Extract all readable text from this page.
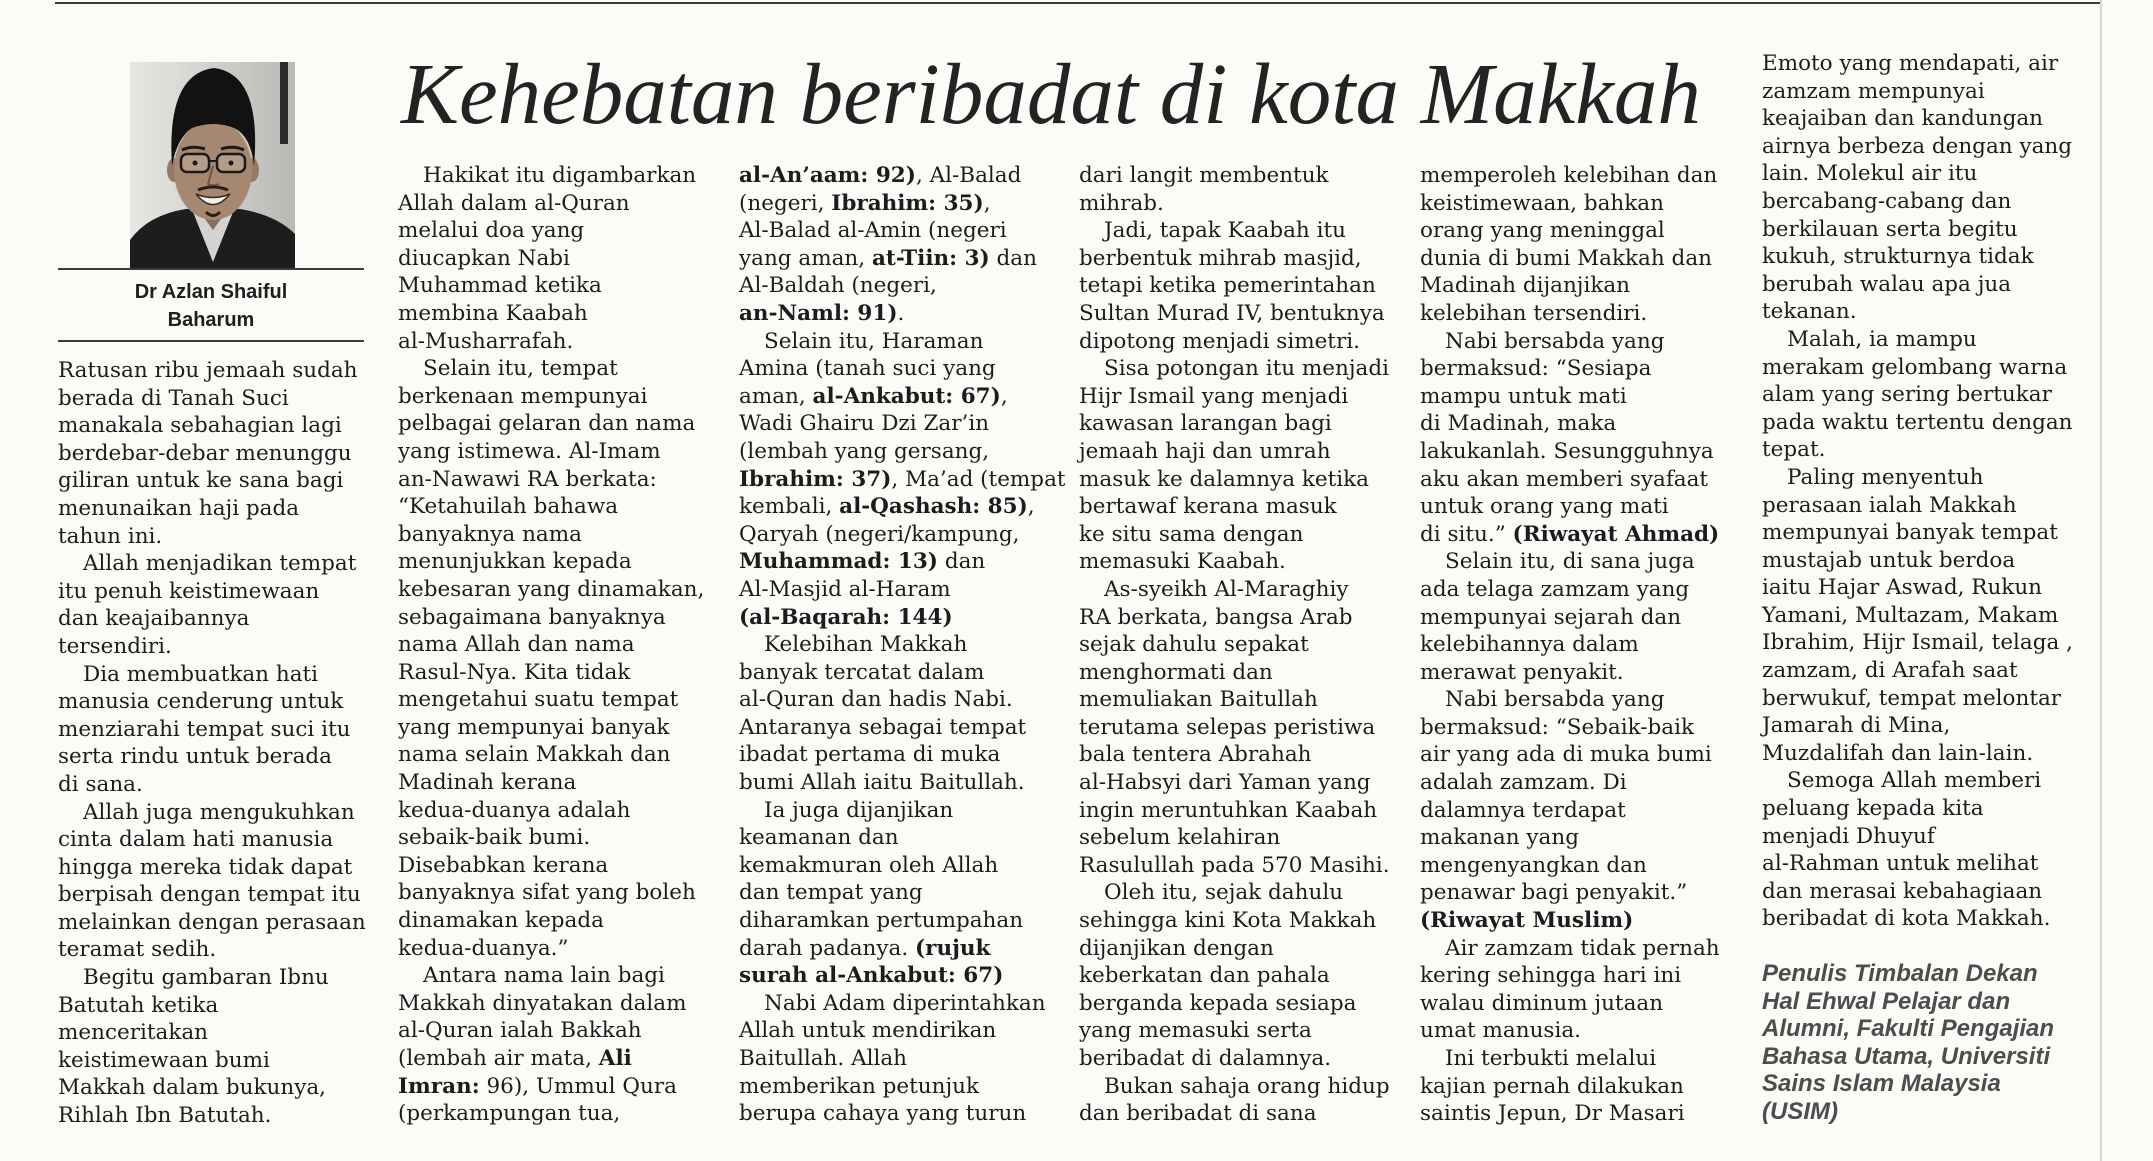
Dr Azlan Shaiful
Baharum
Kehebatan beribadat di kota Makkah
Ratusan ribu jemaah sudah
berada di Tanah Suci
manakala sebahagian lagi
berdebar-debar menunggu
giliran untuk ke sana bagi
menunaikan haji pada
tahun ini.
Allah menjadikan tempat
itu penuh keistimewaan
dan keajaibannya
tersendiri.
Dia membuatkan hati
manusia cenderung untuk
menziarahi tempat suci itu
serta rindu untuk berada
di sana.
Allah juga mengukuhkan
cinta dalam hati manusia
hingga mereka tidak dapat
berpisah dengan tempat itu
melainkan dengan perasaan
teramat sedih.
Begitu gambaran Ibnu
Batutah ketika
menceritakan
keistimewaan bumi
Makkah dalam bukunya,
Rihlah Ibn Batutah.
Hakikat itu digambarkan
Allah dalam al-Quran
melalui doa yang
diucapkan Nabi
Muhammad ketika
membina Kaabah
al-Musharrafah.
Selain itu, tempat
berkenaan mempunyai
pelbagai gelaran dan nama
yang istimewa. Al-Imam
an-Nawawi RA berkata:
“Ketahuilah bahawa
banyaknya nama
menunjukkan kepada
kebesaran yang dinamakan,
sebagaimana banyaknya
nama Allah dan nama
Rasul-Nya. Kita tidak
mengetahui suatu tempat
yang mempunyai banyak
nama selain Makkah dan
Madinah kerana
kedua-duanya adalah
sebaik-baik bumi.
Disebabkan kerana
banyaknya sifat yang boleh
dinamakan kepada
kedua-duanya.”
Antara nama lain bagi
Makkah dinyatakan dalam
al-Quran ialah Bakkah
(lembah air mata, Ali
Imran: 96), Ummul Qura
(perkampungan tua,
al-An’aam: 92), Al-Balad
(negeri, Ibrahim: 35),
Al-Balad al-Amin (negeri
yang aman, at-Tiin: 3) dan
Al-Baldah (negeri,
an-Naml: 91).
Selain itu, Haraman
Amina (tanah suci yang
aman, al-Ankabut: 67),
Wadi Ghairu Dzi Zar’in
(lembah yang gersang,
Ibrahim: 37), Ma’ad (tempat
kembali, al-Qashash: 85),
Qaryah (negeri/kampung,
Muhammad: 13) dan
Al-Masjid al-Haram
(al-Baqarah: 144)
Kelebihan Makkah
banyak tercatat dalam
al-Quran dan hadis Nabi.
Antaranya sebagai tempat
ibadat pertama di muka
bumi Allah iaitu Baitullah.
Ia juga dijanjikan
keamanan dan
kemakmuran oleh Allah
dan tempat yang
diharamkan pertumpahan
darah padanya. (rujuk
surah al-Ankabut: 67)
Nabi Adam diperintahkan
Allah untuk mendirikan
Baitullah. Allah
memberikan petunjuk
berupa cahaya yang turun
dari langit membentuk
mihrab.
Jadi, tapak Kaabah itu
berbentuk mihrab masjid,
tetapi ketika pemerintahan
Sultan Murad IV, bentuknya
dipotong menjadi simetri.
Sisa potongan itu menjadi
Hijr Ismail yang menjadi
kawasan larangan bagi
jemaah haji dan umrah
masuk ke dalamnya ketika
bertawaf kerana masuk
ke situ sama dengan
memasuki Kaabah.
As-syeikh Al-Maraghiy
RA berkata, bangsa Arab
sejak dahulu sepakat
menghormati dan
memuliakan Baitullah
terutama selepas peristiwa
bala tentera Abrahah
al-Habsyi dari Yaman yang
ingin meruntuhkan Kaabah
sebelum kelahiran
Rasulullah pada 570 Masihi.
Oleh itu, sejak dahulu
sehingga kini Kota Makkah
dijanjikan dengan
keberkatan dan pahala
berganda kepada sesiapa
yang memasuki serta
beribadat di dalamnya.
Bukan sahaja orang hidup
dan beribadat di sana
memperoleh kelebihan dan
keistimewaan, bahkan
orang yang meninggal
dunia di bumi Makkah dan
Madinah dijanjikan
kelebihan tersendiri.
Nabi bersabda yang
bermaksud: “Sesiapa
mampu untuk mati
di Madinah, maka
lakukanlah. Sesungguhnya
aku akan memberi syafaat
untuk orang yang mati
di situ.” (Riwayat Ahmad)
Selain itu, di sana juga
ada telaga zamzam yang
mempunyai sejarah dan
kelebihannya dalam
merawat penyakit.
Nabi bersabda yang
bermaksud: “Sebaik-baik
air yang ada di muka bumi
adalah zamzam. Di
dalamnya terdapat
makanan yang
mengenyangkan dan
penawar bagi penyakit.”
(Riwayat Muslim)
Air zamzam tidak pernah
kering sehingga hari ini
walau diminum jutaan
umat manusia.
Ini terbukti melalui
kajian pernah dilakukan
saintis Jepun, Dr Masari
Emoto yang mendapati, air
zamzam mempunyai
keajaiban dan kandungan
airnya berbeza dengan yang
lain. Molekul air itu
bercabang-cabang dan
berkilauan serta begitu
kukuh, strukturnya tidak
berubah walau apa jua
tekanan.
Malah, ia mampu
merakam gelombang warna
alam yang sering bertukar
pada waktu tertentu dengan
tepat.
Paling menyentuh
perasaan ialah Makkah
mempunyai banyak tempat
mustajab untuk berdoa
iaitu Hajar Aswad, Rukun
Yamani, Multazam, Makam
Ibrahim, Hijr Ismail, telaga ,
zamzam, di Arafah saat
berwukuf, tempat melontar
Jamarah di Mina,
Muzdalifah dan lain-lain.
Semoga Allah memberi
peluang kepada kita
menjadi Dhuyuf
al-Rahman untuk melihat
dan merasai kebahagiaan
beribadat di kota Makkah.
Penulis Timbalan Dekan
Hal Ehwal Pelajar dan
Alumni, Fakulti Pengajian
Bahasa Utama, Universiti
Sains Islam Malaysia
(USIM)
